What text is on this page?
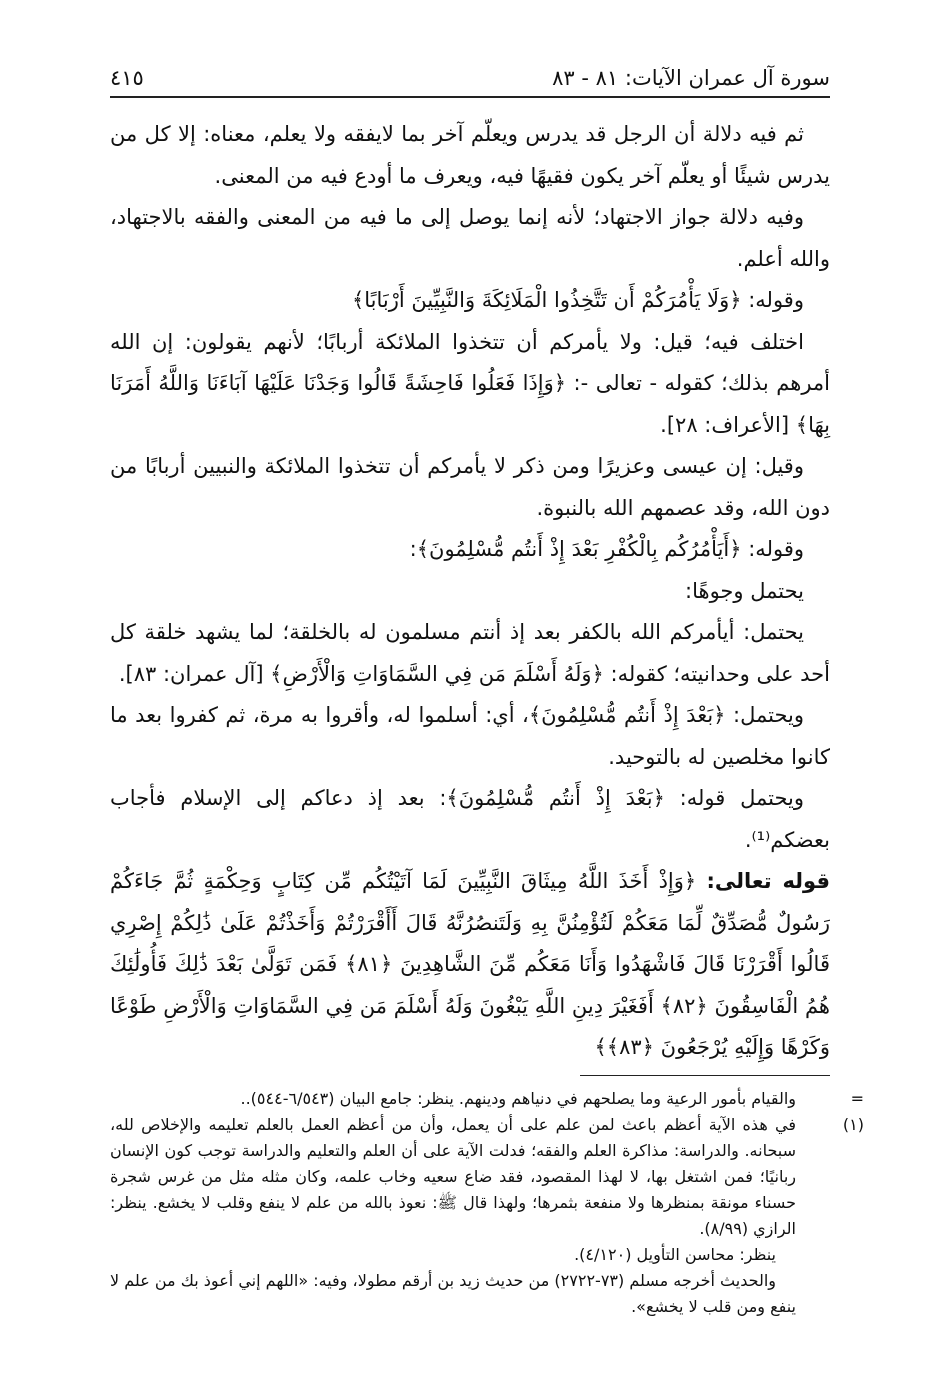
سورة آل عمران الآيات: ٨١ - ٨٣
٤١٥

ثم فيه دلالة أن الرجل قد يدرس ويعلّم آخر بما لايفقه ولا يعلم، معناه: إلا كل من يدرس شيئًا أو يعلّم آخر يكون فقيهًا فيه، ويعرف ما أودع فيه من المعنى.

وفيه دلالة جواز الاجتهاد؛ لأنه إنما يوصل إلى ما فيه من المعنى والفقه بالاجتهاد، والله أعلم.

وقوله: ﴿وَلَا يَأْمُرَكُمْ أَن تَتَّخِذُوا الْمَلَائِكَةَ وَالنَّبِيِّينَ أَرْبَابًا﴾

اختلف فيه؛ قيل: ولا يأمركم أن تتخذوا الملائكة أربابًا؛ لأنهم يقولون: إن الله أمرهم بذلك؛ كقوله - تعالى -: ﴿وَإِذَا فَعَلُوا فَاحِشَةً قَالُوا وَجَدْنَا عَلَيْهَا آبَاءَنَا وَاللَّهُ أَمَرَنَا بِهَا﴾ [الأعراف: ٢٨].

وقيل: إن عيسى وعزيرًا ومن ذكر لا يأمركم أن تتخذوا الملائكة والنبيين أربابًا من دون الله، وقد عصمهم الله بالنبوة.

وقوله: ﴿أَيَأْمُرُكُم بِالْكُفْرِ بَعْدَ إِذْ أَنتُم مُّسْلِمُونَ﴾:

يحتمل وجوهًا:

يحتمل: أيأمركم الله بالكفر بعد إذ أنتم مسلمون له بالخلقة؛ لما يشهد خلقة كل أحد على وحدانيته؛ كقوله: ﴿وَلَهُ أَسْلَمَ مَن فِي السَّمَاوَاتِ وَالْأَرْضِ﴾ [آل عمران: ٨٣].

ويحتمل: ﴿بَعْدَ إِذْ أَنتُم مُّسْلِمُونَ﴾، أي: أسلموا له، وأقروا به مرة، ثم كفروا بعد ما كانوا مخلصين له بالتوحيد.

ويحتمل قوله: ﴿بَعْدَ إِذْ أَنتُم مُّسْلِمُونَ﴾: بعد إذ دعاكم إلى الإسلام فأجاب بعضكم⁽¹⁾.

قوله تعالى: ﴿وَإِذْ أَخَذَ اللَّهُ مِيثَاقَ النَّبِيِّينَ لَمَا آتَيْتُكُم مِّن كِتَابٍ وَحِكْمَةٍ ثُمَّ جَاءَكُمْ رَسُولٌ مُّصَدِّقٌ لِّمَا مَعَكُمْ لَتُؤْمِنُنَّ بِهِ وَلَتَنصُرُنَّهُ قَالَ أَأَقْرَرْتُمْ وَأَخَذْتُمْ عَلَىٰ ذَٰلِكُمْ إِصْرِي قَالُوا أَقْرَرْنَا قَالَ فَاشْهَدُوا وَأَنَا مَعَكُم مِّنَ الشَّاهِدِينَ ﴿٨١﴾ فَمَن تَوَلَّىٰ بَعْدَ ذَٰلِكَ فَأُولَٰئِكَ هُمُ الْفَاسِقُونَ ﴿٨٢﴾ أَفَغَيْرَ دِينِ اللَّهِ يَبْغُونَ وَلَهُ أَسْلَمَ مَن فِي السَّمَاوَاتِ وَالْأَرْضِ طَوْعًا وَكَرْهًا وَإِلَيْهِ يُرْجَعُونَ ﴿٨٣﴾﴾

=والقيام بأمور الرعية وما يصلحهم في دنياهم ودينهم. ينظر: جامع البيان (٦/٥٤٣-٥٤٤)..

(١)في هذه الآية أعظم باعث لمن علم على أن يعمل، وأن من أعظم العمل بالعلم تعليمه والإخلاص لله، سبحانه. والدراسة: مذاكرة العلم والفقه؛ فدلت الآية على أن العلم والتعليم والدراسة توجب كون الإنسان ربانيًا؛ فمن اشتغل بها، لا لهذا المقصود، فقد ضاع سعيه وخاب علمه، وكان مثله مثل من غرس شجرة حسناء مونقة بمنظرها ولا منفعة بثمرها؛ ولهذا قال ﷺ: نعوذ بالله من علم لا ينفع وقلب لا يخشع. ينظر: الرازي (٨/٩٩).

ينظر: محاسن التأويل (٤/١٢٠).

والحديث أخرجه مسلم (٧٣-٢٧٢٢) من حديث زيد بن أرقم مطولا، وفيه: «اللهم إني أعوذ بك من علم لا ينفع ومن قلب لا يخشع».
